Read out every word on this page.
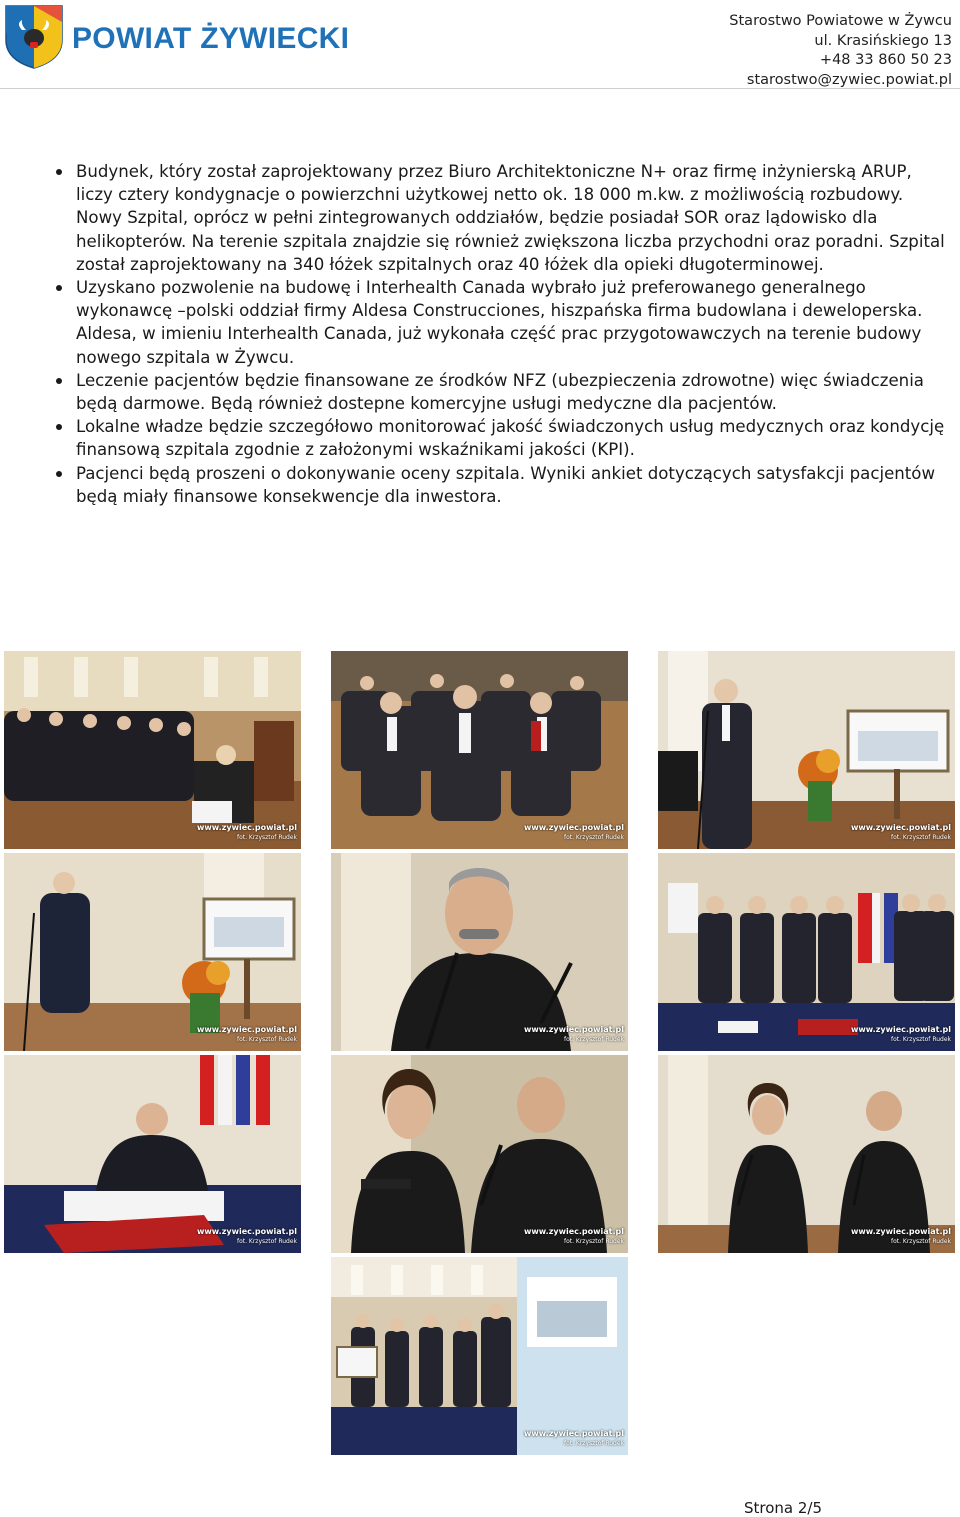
POWIAT ŻYWIECKI
Starostwo Powiatowe w Żywcu
ul. Krasińskiego 13
+48 33 860 50 23
starostwo@zywiec.powiat.pl
Budynek, który został zaprojektowany przez Biuro Architektoniczne N+ oraz firmę inżynierską ARUP, liczy cztery kondygnacje o powierzchni użytkowej netto ok. 18 000 m.kw. z możliwością rozbudowy. Nowy Szpital, oprócz w pełni zintegrowanych oddziałów, będzie posiadał SOR oraz lądowisko dla helikopterów. Na terenie szpitala znajdzie się również zwiększona liczba przychodni oraz poradni. Szpital został zaprojektowany na 340 łóżek szpitalnych oraz 40 łóżek dla opieki długoterminowej.
Uzyskano pozwolenie na budowę i Interhealth Canada wybrało już preferowanego generalnego wykonawcę –polski oddział firmy Aldesa Construcciones, hiszpańska firma budowlana i deweloperska. Aldesa, w imieniu Interhealth Canada, już wykonała część prac przygotowawczych na terenie budowy nowego szpitala w Żywcu.
Leczenie pacjentów będzie finansowane ze środków NFZ (ubezpieczenia zdrowotne) więc świadczenia będą darmowe. Będą również dostepne komercyjne usługi medyczne dla pacjentów.
Lokalne władze będzie szczegółowo monitorować jakość świadczonych usług medycznych oraz kondycję finansową szpitala zgodnie z założonymi wskaźnikami jakości (KPI).
Pacjenci będą proszeni o dokonywanie oceny szpitala. Wyniki ankiet dotyczących satysfakcji pacjentów będą miały finansowe konsekwencje dla inwestora.
www.zywiec.powiat.pl
fot. Krzysztof Rudek
www.zywiec.powiat.pl
fot. Krzysztof Rudek
www.zywiec.powiat.pl
fot. Krzysztof Rudek
www.zywiec.powiat.pl
fot. Krzysztof Rudek
www.zywiec.powiat.pl
fot. Krzysztof Rudek
www.zywiec.powiat.pl
fot. Krzysztof Rudek
www.zywiec.powiat.pl
fot. Krzysztof Rudek
www.zywiec.powiat.pl
fot. Krzysztof Rudek
www.zywiec.powiat.pl
fot. Krzysztof Rudek
www.zywiec.powiat.pl
fot. Krzysztof Rudek
Strona 2/5
